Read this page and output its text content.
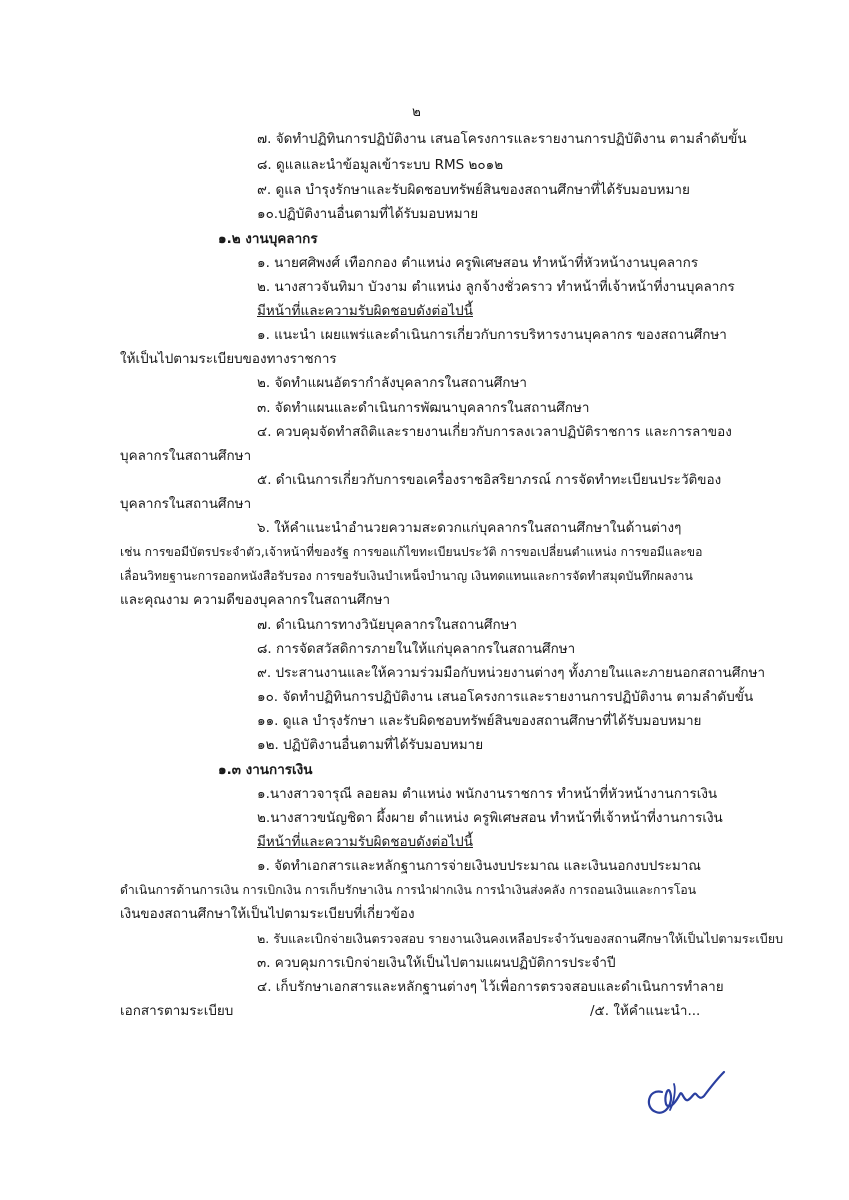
๒
๗. จัดทำปฏิทินการปฏิบัติงาน เสนอโครงการและรายงานการปฏิบัติงาน ตามลำดับขั้น
๘. ดูแลและนำข้อมูลเข้าระบบ RMS ๒๐๑๒
๙. ดูแล บำรุงรักษาและรับผิดชอบทรัพย์สินของสถานศึกษาที่ได้รับมอบหมาย
๑๐.ปฏิบัติงานอื่นตามที่ได้รับมอบหมาย
๑.๒ งานบุคลากร
๑. นายศศิพงศ์ เทือกกอง ตำแหน่ง ครูพิเศษสอน ทำหน้าที่หัวหน้างานบุคลากร
๒. นางสาวจันทิมา บัวงาม ตำแหน่ง ลูกจ้างชั่วคราว ทำหน้าที่เจ้าหน้าที่งานบุคลากร
มีหน้าที่และความรับผิดชอบดังต่อไปนี้
๑. แนะนำ เผยแพร่และดำเนินการเกี่ยวกับการบริหารงานบุคลากร ของสถานศึกษา
ให้เป็นไปตามระเบียบของทางราชการ
๒. จัดทำแผนอัตรากำลังบุคลากรในสถานศึกษา
๓. จัดทำแผนและดำเนินการพัฒนาบุคลากรในสถานศึกษา
๔. ควบคุมจัดทำสถิติและรายงานเกี่ยวกับการลงเวลาปฏิบัติราชการ และการลาของ
บุคลากรในสถานศึกษา
๕. ดำเนินการเกี่ยวกับการขอเครื่องราชอิสริยาภรณ์ การจัดทำทะเบียนประวัติของ
บุคลากรในสถานศึกษา
๖. ให้คำแนะนำอำนวยความสะดวกแก่บุคลากรในสถานศึกษาในด้านต่างๆ
เช่น การขอมีบัตรประจำตัว,เจ้าหน้าที่ของรัฐ การขอแก้ไขทะเบียนประวัติ การขอเปลี่ยนตำแหน่ง การขอมีและขอ
เลื่อนวิทยฐานะการออกหนังสือรับรอง การขอรับเงินบำเหน็จบำนาญ เงินทดแทนและการจัดทำสมุดบันทึกผลงาน
และคุณงาม ความดีของบุคลากรในสถานศึกษา
๗. ดำเนินการทางวินัยบุคลากรในสถานศึกษา
๘. การจัดสวัสดิการภายในให้แก่บุคลากรในสถานศึกษา
๙. ประสานงานและให้ความร่วมมือกับหน่วยงานต่างๆ ทั้งภายในและภายนอกสถานศึกษา
๑๐. จัดทำปฏิทินการปฏิบัติงาน เสนอโครงการและรายงานการปฏิบัติงาน ตามลำดับขั้น
๑๑. ดูแล บำรุงรักษา และรับผิดชอบทรัพย์สินของสถานศึกษาที่ได้รับมอบหมาย
๑๒. ปฏิบัติงานอื่นตามที่ได้รับมอบหมาย
๑.๓ งานการเงิน
๑.นางสาวจารุณี ลอยลม ตำแหน่ง พนักงานราชการ ทำหน้าที่หัวหน้างานการเงิน
๒.นางสาวขนัญชิดา ผึ้งผาย ตำแหน่ง ครูพิเศษสอน ทำหน้าที่เจ้าหน้าที่งานการเงิน
มีหน้าที่และความรับผิดชอบดังต่อไปนี้
๑. จัดทำเอกสารและหลักฐานการจ่ายเงินงบประมาณ และเงินนอกงบประมาณ
ดำเนินการด้านการเงิน การเบิกเงิน การเก็บรักษาเงิน การนำฝากเงิน การนำเงินส่งคลัง การถอนเงินและการโอน
เงินของสถานศึกษาให้เป็นไปตามระเบียบที่เกี่ยวข้อง
๒. รับและเบิกจ่ายเงินตรวจสอบ รายงานเงินคงเหลือประจำวันของสถานศึกษาให้เป็นไปตามระเบียบ
๓. ควบคุมการเบิกจ่ายเงินให้เป็นไปตามแผนปฏิบัติการประจำปี
๔. เก็บรักษาเอกสารและหลักฐานต่างๆ ไว้เพื่อการตรวจสอบและดำเนินการทำลาย
เอกสารตามระเบียบ	/๕. ให้คำแนะนำ...
